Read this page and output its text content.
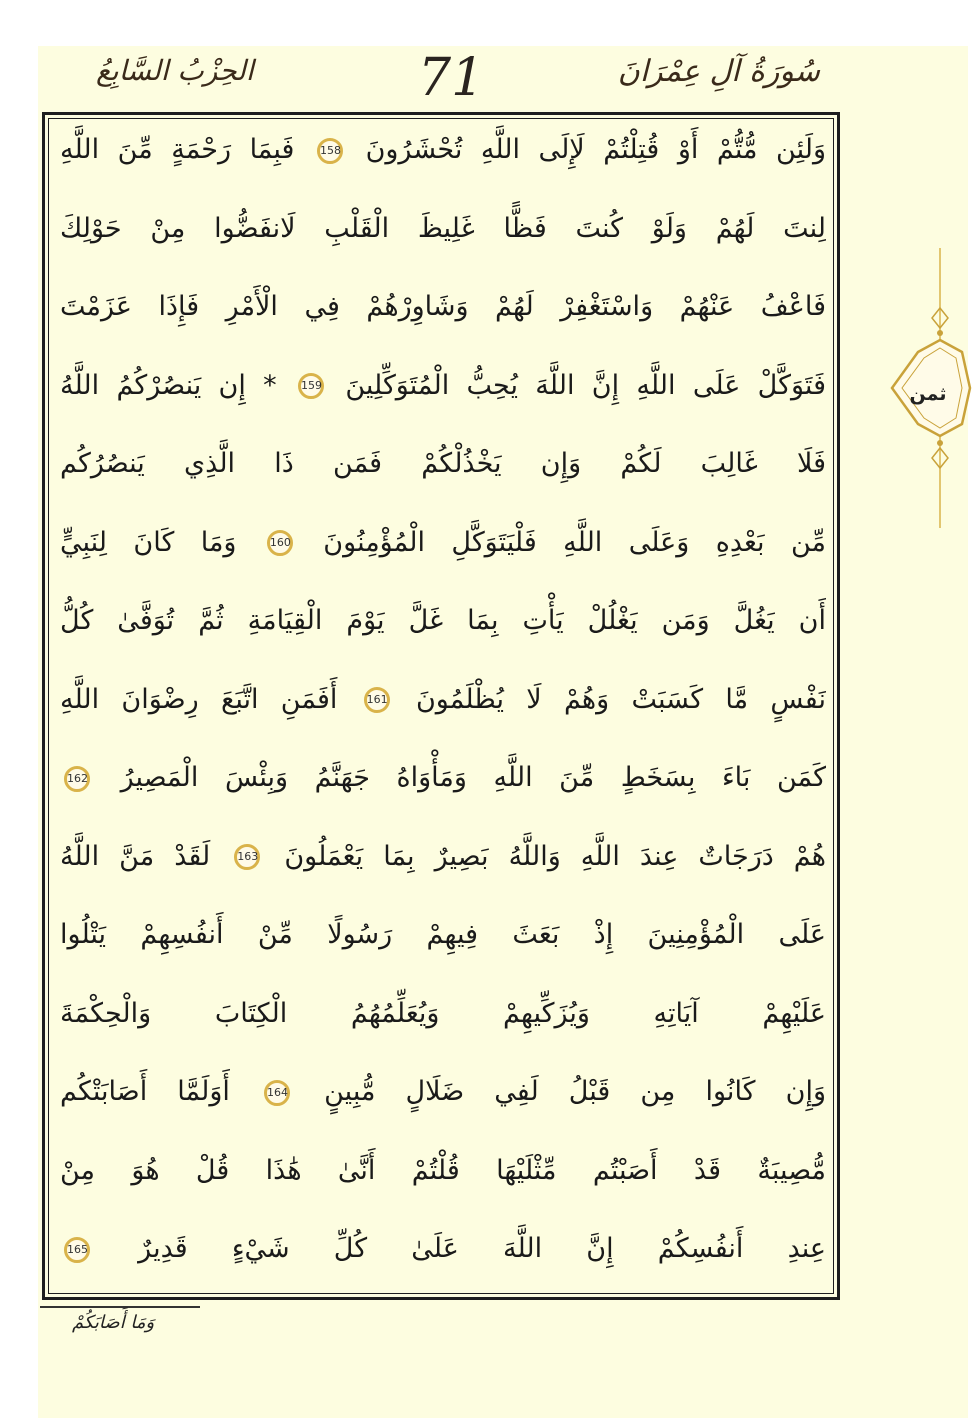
الحِزْبُ السَّابِعُ	71	سُورَةُ آلِ عِمْرَانَ
وَلَئِن مُّتُّمْ أَوْ قُتِلْتُمْ لَإِلَى اللَّهِ تُحْشَرُونَ 158 فَبِمَا رَحْمَةٍ مِّنَ اللَّهِ
لِنتَ لَهُمْ وَلَوْ كُنتَ فَظًّا غَلِيظَ الْقَلْبِ لَانفَضُّوا مِنْ حَوْلِكَ
فَاعْفُ عَنْهُمْ وَاسْتَغْفِرْ لَهُمْ وَشَاوِرْهُمْ فِي الْأَمْرِ فَإِذَا عَزَمْتَ
فَتَوَكَّلْ عَلَى اللَّهِ إِنَّ اللَّهَ يُحِبُّ الْمُتَوَكِّلِينَ 159 * إِن يَنصُرْكُمُ اللَّهُ
فَلَا غَالِبَ لَكُمْ وَإِن يَخْذُلْكُمْ فَمَن ذَا الَّذِي يَنصُرُكُم
مِّن بَعْدِهِ وَعَلَى اللَّهِ فَلْيَتَوَكَّلِ الْمُؤْمِنُونَ 160 وَمَا كَانَ لِنَبِيٍّ
أَن يَغُلَّ وَمَن يَغْلُلْ يَأْتِ بِمَا غَلَّ يَوْمَ الْقِيَامَةِ ثُمَّ تُوَفَّىٰ كُلُّ
نَفْسٍ مَّا كَسَبَتْ وَهُمْ لَا يُظْلَمُونَ 161 أَفَمَنِ اتَّبَعَ رِضْوَانَ اللَّهِ
كَمَن بَاءَ بِسَخَطٍ مِّنَ اللَّهِ وَمَأْوَاهُ جَهَنَّمُ وَبِئْسَ الْمَصِيرُ 162
هُمْ دَرَجَاتٌ عِندَ اللَّهِ وَاللَّهُ بَصِيرٌ بِمَا يَعْمَلُونَ 163 لَقَدْ مَنَّ اللَّهُ
عَلَى الْمُؤْمِنِينَ إِذْ بَعَثَ فِيهِمْ رَسُولًا مِّنْ أَنفُسِهِمْ يَتْلُوا
عَلَيْهِمْ آيَاتِهِ وَيُزَكِّيهِمْ وَيُعَلِّمُهُمُ الْكِتَابَ وَالْحِكْمَةَ
وَإِن كَانُوا مِن قَبْلُ لَفِي ضَلَالٍ مُّبِينٍ 164 أَوَلَمَّا أَصَابَتْكُم
مُّصِيبَةٌ قَدْ أَصَبْتُم مِّثْلَيْهَا قُلْتُمْ أَنَّىٰ هَٰذَا قُلْ هُوَ مِنْ
عِندِ أَنفُسِكُمْ إِنَّ اللَّهَ عَلَىٰ كُلِّ شَيْءٍ قَدِيرٌ 165
ثمن
وَمَا أَصَابَكُمْ
